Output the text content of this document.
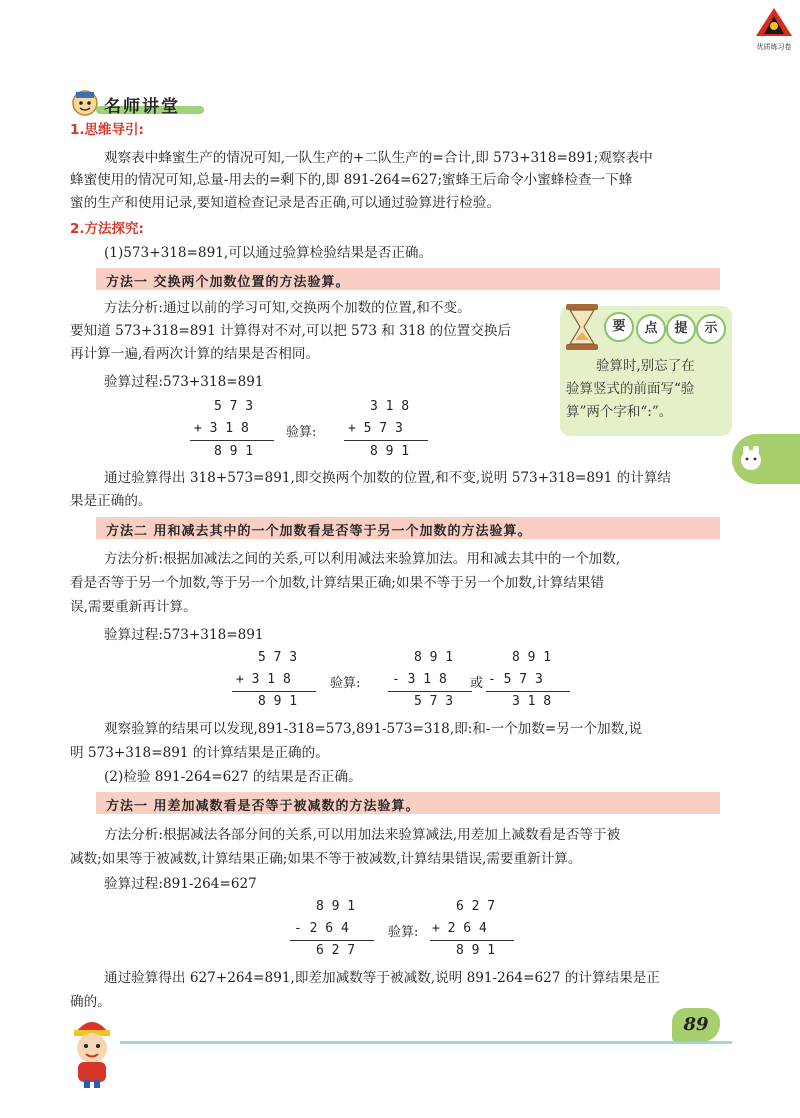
优质练习卷
名师讲堂
1.思维导引:
观察表中蜂蜜生产的情况可知,一队生产的+二队生产的=合计,即 573+318=891;观察表中
蜂蜜使用的情况可知,总量-用去的=剩下的,即 891-264=627;蜜蜂王后命令小蜜蜂检查一下蜂
蜜的生产和使用记录,要知道检查记录是否正确,可以通过验算进行检验。
2.方法探究:
(1)573+318=891,可以通过验算检验结果是否正确。
方法一 交换两个加数位置的方法验算。
方法分析:通过以前的学习可知,交换两个加数的位置,和不变。
要知道 573+318=891 计算得对不对,可以把 573 和 318 的位置交换后
再计算一遍,看两次计算的结果是否相同。
验算过程:573+318=891
5 7 3
+ 3 1 8
8 9 1
验算:
3 1 8
+ 5 7 3
8 9 1
要	点	提	示
验算时,别忘了在
验算竖式的前面写“验
算”两个字和“:”。
通过验算得出 318+573=891,即交换两个加数的位置,和不变,说明 573+318=891 的计算结
果是正确的。
方法二 用和减去其中的一个加数看是否等于另一个加数的方法验算。
方法分析:根据加减法之间的关系,可以利用减法来验算加法。用和减去其中的一个加数,
看是否等于另一个加数,等于另一个加数,计算结果正确;如果不等于另一个加数,计算结果错
误,需要重新再计算。
验算过程:573+318=891
5 7 3
+ 3 1 8
8 9 1
验算:
8 9 1
- 3 1 8
5 7 3
或
8 9 1
- 5 7 3
3 1 8
观察验算的结果可以发现,891-318=573,891-573=318,即:和-一个加数=另一个加数,说
明 573+318=891 的计算结果是正确的。
(2)检验 891-264=627 的结果是否正确。
方法一 用差加减数看是否等于被减数的方法验算。
方法分析:根据减法各部分间的关系,可以用加法来验算减法,用差加上减数看是否等于被
减数;如果等于被减数,计算结果正确;如果不等于被减数,计算结果错误,需要重新计算。
验算过程:891-264=627
8 9 1
- 2 6 4
6 2 7
验算:
6 2 7
+ 2 6 4
8 9 1
通过验算得出 627+264=891,即差加减数等于被减数,说明 891-264=627 的计算结果是正
确的。
89
